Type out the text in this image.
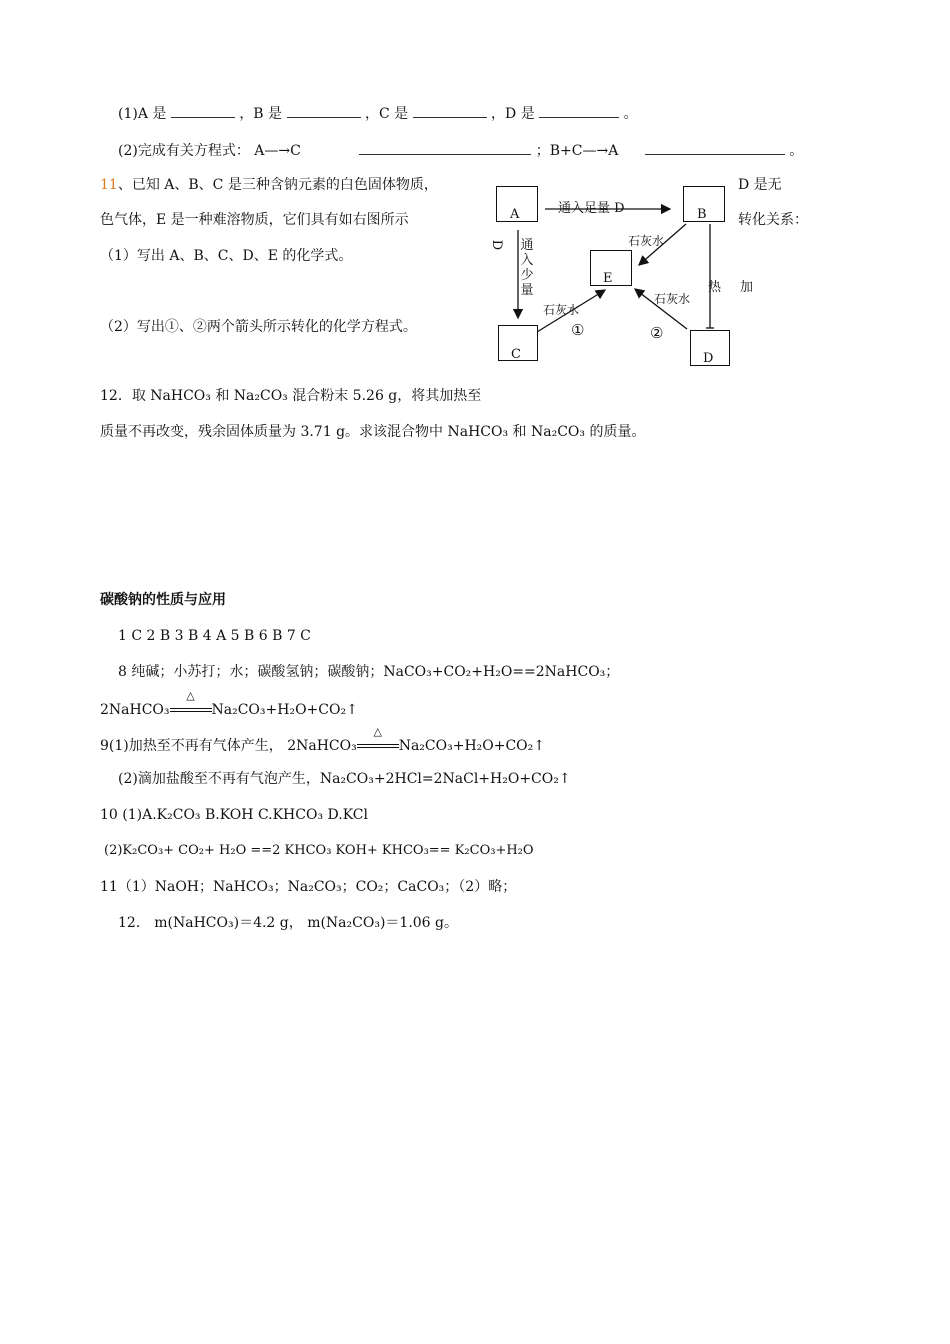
(1)A 是	，B 是	，C 是	，D 是	。
(2)完成有关方程式： A—→C	；B+C—→A	。
11、已知 A、B、C 是三种含钠元素的白色固体物质，	D 是无
色气体，E 是一种难溶物质，它们具有如右图所示	转化关系：
（1）写出 A、B、C、D、E 的化学式。
（2）写出①、②两个箭头所示转化的化学方程式。
A	B
E
C	D
通入足量 D
D 通入少量
石灰水
热 加
石灰水
石灰水
①	②
12．取 NaHCO₃ 和 Na₂CO₃ 混合粉末 5.26 g，将其加热至
质量不再改变，残余固体质量为 3.71 g。求该混合物中 NaHCO₃ 和 Na₂CO₃ 的质量。
碳酸钠的性质与应用
1 C 2 B 3 B 4 A 5 B 6 B 7 C
8 纯碱；小苏打；水；碳酸氢钠；碳酸钠；NaCO₃+CO₂+H₂O==2NaHCO₃；
2NaHCO₃
△
Na₂CO₃+H₂O+CO₂↑
9(1)加热至不再有气体产生， 2NaHCO₃
△
Na₂CO₃+H₂O+CO₂↑
(2)滴加盐酸至不再有气泡产生，Na₂CO₃+2HCl=2NaCl+H₂O+CO₂↑
10 (1)A.K₂CO₃ B.KOH C.KHCO₃ D.KCl
(2)K₂CO₃+ CO₂+ H₂O ==2 KHCO₃ KOH+ KHCO₃== K₂CO₃+H₂O
11（1）NaOH；NaHCO₃；Na₂CO₃；CO₂；CaCO₃；（2）略；
12． m(NaHCO₃)＝4.2 g， m(Na₂CO₃)＝1.06 g。
